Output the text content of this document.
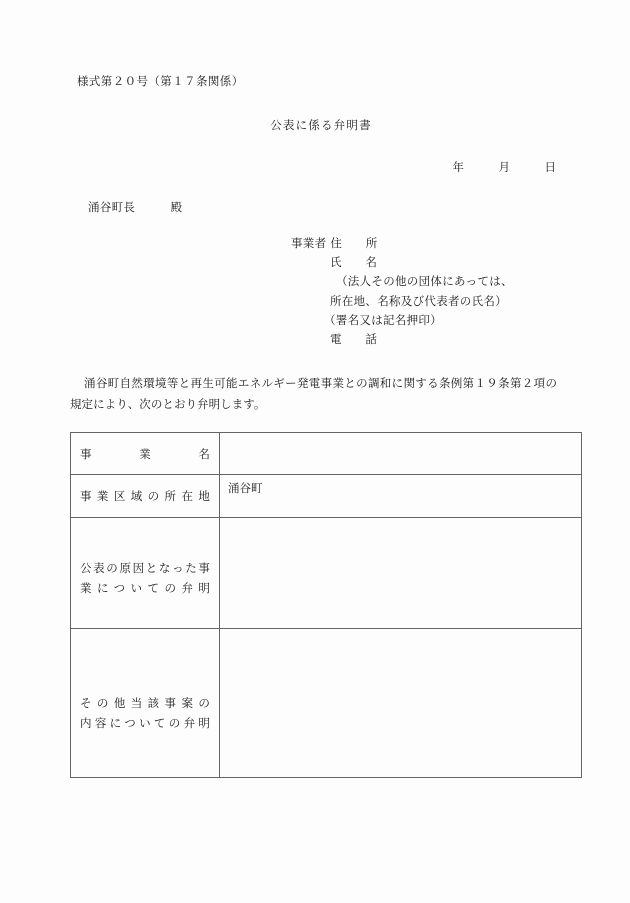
様式第２０号（第１７条関係）
公表に係る弁明書
年　　　月　　　日
涌谷町長　　　殿
事業者 住　　所
氏　　名
（法人その他の団体にあっては、
所在地、名称及び代表者の氏名）
（署名又は記名押印）
電　　話
涌谷町自然環境等と再生可能エネルギー発電事業との調和に関する条例第１９条第２項の規定により、次のとおり弁明します。
事業名	

事業区域の所在地	涌谷町

公表の原因となった事
業についての弁明	

その他当該事案の
内容についての弁明	
